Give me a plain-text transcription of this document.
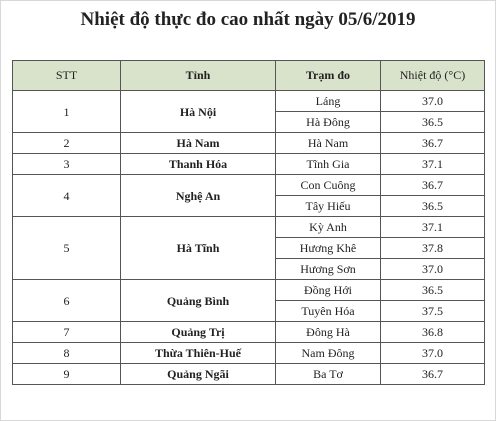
Nhiệt độ thực đo cao nhất ngày 05/6/2019
STT	Tỉnh	Trạm đo	Nhiệt độ (°C)
1	Hà Nội	Láng	37.0
		Hà Đông	36.5
2	Hà Nam	Hà Nam	36.7
3	Thanh Hóa	Tĩnh Gia	37.1
4	Nghệ An	Con Cuông	36.7
		Tây Hiếu	36.5
5	Hà Tĩnh	Kỳ Anh	37.1
		Hương Khê	37.8
		Hương Sơn	37.0
6	Quảng Bình	Đồng Hới	36.5
		Tuyên Hóa	37.5
7	Quảng Trị	Đông Hà	36.8
8	Thừa Thiên-Huế	Nam Đông	37.0
9	Quảng Ngãi	Ba Tơ	36.7
